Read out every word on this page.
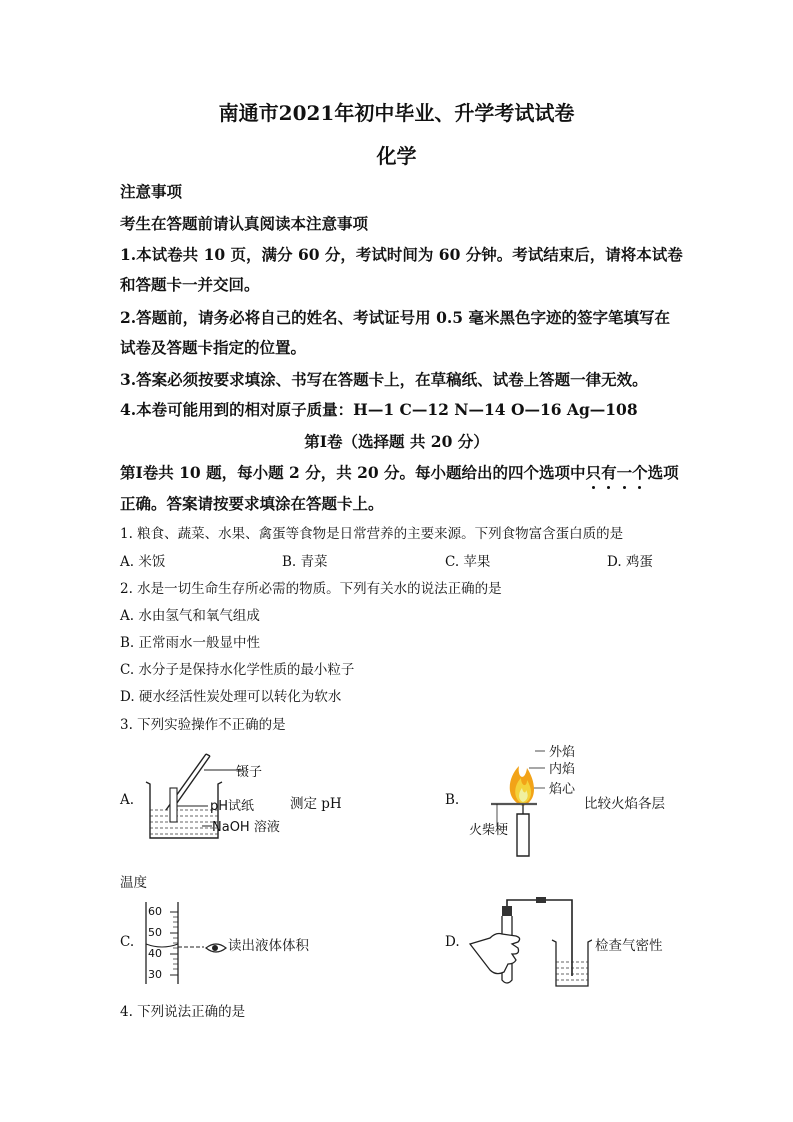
南通市2021年初中毕业、升学考试试卷
化学
注意事项
考生在答题前请认真阅读本注意事项
1.本试卷共 10 页，满分 60 分，考试时间为 60 分钟。考试结束后，请将本试卷
和答题卡一并交回。
2.答题前，请务必将自己的姓名、考试证号用 0.5 毫米黑色字迹的签字笔填写在
试卷及答题卡指定的位置。
3.答案必须按要求填涂、书写在答题卡上，在草稿纸、试卷上答题一律无效。
4.本卷可能用到的相对原子质量：H—1 C—12 N—14 O—16 Ag—108
第Ⅰ卷（选择题 共 20 分）
第Ⅰ卷共 10 题，每小题 2 分，共 20 分。每小题给出的四个选项中只有一个选项
正确。答案请按要求填涂在答题卡上。
1. 粮食、蔬菜、水果、禽蛋等食物是日常营养的主要来源。下列食物富含蛋白质的是
A. 米饭	B. 青菜	C. 苹果	D. 鸡蛋
2. 水是一切生命生存所必需的物质。下列有关水的说法正确的是
A. 水由氢气和氧气组成
B. 正常雨水一般显中性
C. 水分子是保持水化学性质的最小粒子
D. 硬水经活性炭处理可以转化为软水
3. 下列实验操作不正确的是
A.
镊子
pH试纸
NaOH 溶液
测定 pH	B.
外焰
内焰
焰心
火柴梗
比较火焰各层
温度
C.
60
50
40
30
读出液体体积	D.	检查气密性
4. 下列说法正确的是
